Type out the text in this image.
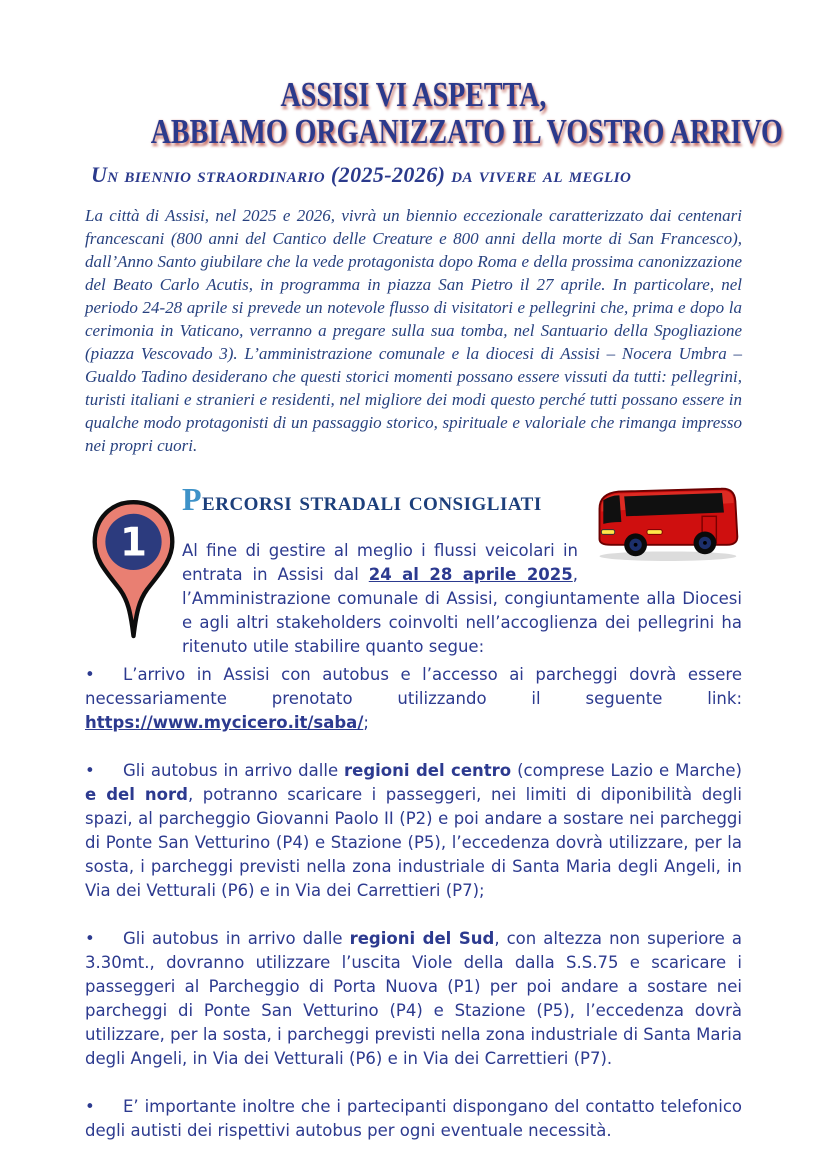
ASSISI VI ASPETTA,
ABBIAMO ORGANIZZATO IL VOSTRO ARRIVO
Un biennio straordinario (2025-2026) da vivere al meglio

La città di Assisi, nel 2025 e 2026, vivrà un biennio eccezionale caratterizzato dai centenari francescani (800 anni del Cantico delle Creature e 800 anni della morte di San Francesco), dall’Anno Santo giubilare che la vede protagonista dopo Roma e della prossima canonizzazione del Beato Carlo Acutis, in programma in piazza San Pietro il 27 aprile. In particolare, nel periodo 24-28 aprile si prevede un notevole flusso di visitatori e pellegrini che, prima e dopo la cerimonia in Vaticano, verranno a pregare sulla sua tomba, nel Santuario della Spogliazione (piazza Vescovado 3). L’amministrazione comunale e la diocesi di Assisi – Nocera Umbra – Gualdo Tadino desiderano che questi storici momenti possano essere vissuti da tutti: pellegrini, turisti italiani e stranieri e residenti, nel migliore dei modi questo perché tutti possano essere in qualche modo protagonisti di un passaggio storico, spirituale e valoriale che rimanga impresso nei propri cuori.

1
Percorsi stradali consigliati

Al fine di gestire al meglio i flussi veicolari in entrata in Assisi dal 24 al 28 aprile 2025, l’Amministrazione comunale di Assisi, congiuntamente alla Diocesi e agli altri stakeholders coinvolti nell’accoglienza dei pellegrini ha ritenuto utile stabilire quanto segue:

• L’arrivo in Assisi con autobus e l’accesso ai parcheggi dovrà essere necessariamente prenotato utilizzando il seguente link: https://www.mycicero.it/saba/;

• Gli autobus in arrivo dalle regioni del centro (comprese Lazio e Marche) e del nord, potranno scaricare i passeggeri, nei limiti di diponibilità degli spazi, al parcheggio Giovanni Paolo II (P2) e poi andare a sostare nei parcheggi di Ponte San Vetturino (P4) e Stazione (P5), l’eccedenza dovrà utilizzare, per la sosta, i parcheggi previsti nella zona industriale di Santa Maria degli Angeli, in Via dei Vetturali (P6) e in Via dei Carrettieri (P7);

• Gli autobus in arrivo dalle regioni del Sud, con altezza non superiore a 3.30mt., dovranno utilizzare l’uscita Viole della dalla S.S.75 e scaricare i passeggeri al Parcheggio di Porta Nuova (P1) per poi andare a sostare nei parcheggi di Ponte San Vetturino (P4) e Stazione (P5), l’eccedenza dovrà utilizzare, per la sosta, i parcheggi previsti nella zona industriale di Santa Maria degli Angeli, in Via dei Vetturali (P6) e in Via dei Carrettieri (P7).

• E’ importante inoltre che i partecipanti dispongano del contatto telefonico degli autisti dei rispettivi autobus per ogni eventuale necessità.
